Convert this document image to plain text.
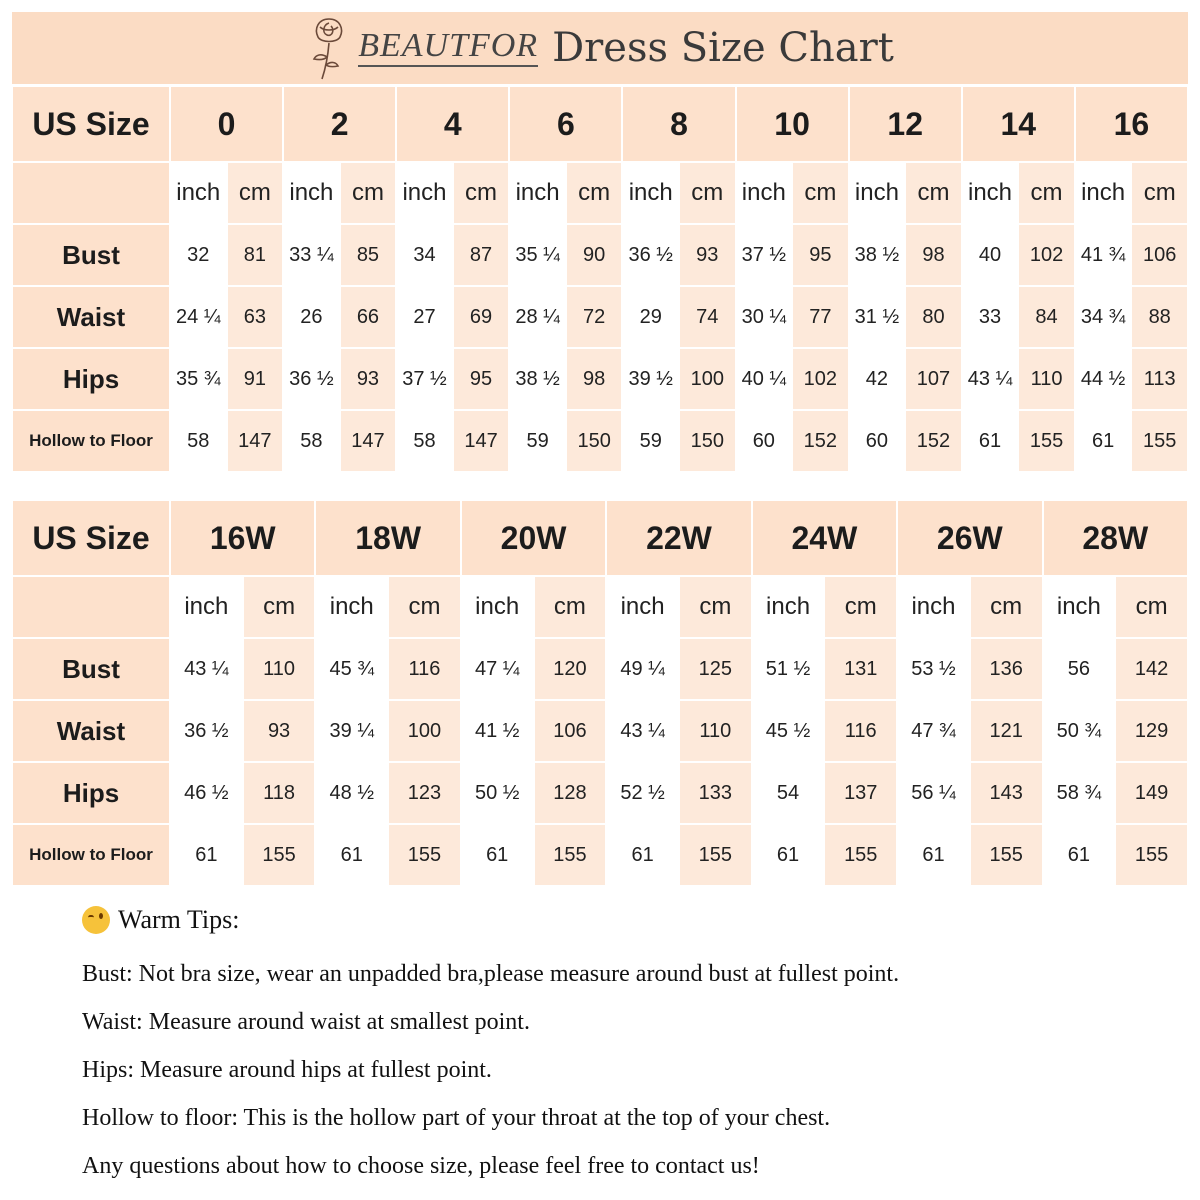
BEAUTFOR Dress Size Chart
US Size	0		2		4		6		8		10		12		14		16	
	inch	cm	inch	cm	inch	cm	inch	cm	inch	cm	inch	cm	inch	cm	inch	cm	inch	cm
Bust	32	81	33 ¼	85	34	87	35 ¼	90	36 ½	93	37 ½	95	38 ½	98	40	102	41 ¾	106
Waist	24 ¼	63	26	66	27	69	28 ¼	72	29	74	30 ¼	77	31 ½	80	33	84	34 ¾	88
Hips	35 ¾	91	36 ½	93	37 ½	95	38 ½	98	39 ½	100	40 ¼	102	42	107	43 ¼	110	44 ½	113
Hollow to Floor	58	147	58	147	58	147	59	150	59	150	60	152	60	152	61	155	61	155
US Size	16W		18W		20W		22W		24W		26W		28W	
	inch	cm	inch	cm	inch	cm	inch	cm	inch	cm	inch	cm	inch	cm
Bust	43 ¼	110	45 ¾	116	47 ¼	120	49 ¼	125	51 ½	131	53 ½	136	56	142
Waist	36 ½	93	39 ¼	100	41 ½	106	43 ¼	110	45 ½	116	47 ¾	121	50 ¾	129
Hips	46 ½	118	48 ½	123	50 ½	128	52 ½	133	54	137	56 ¼	143	58 ¾	149
Hollow to Floor	61	155	61	155	61	155	61	155	61	155	61	155	61	155
Warm Tips:
Bust: Not bra size, wear an unpadded bra,please measure around bust at fullest point.
Waist: Measure around waist at smallest point.
Hips: Measure around hips at fullest point.
Hollow to floor: This is the hollow part of your throat at the top of your chest.
Any questions about how to choose size, please feel free to contact us!
